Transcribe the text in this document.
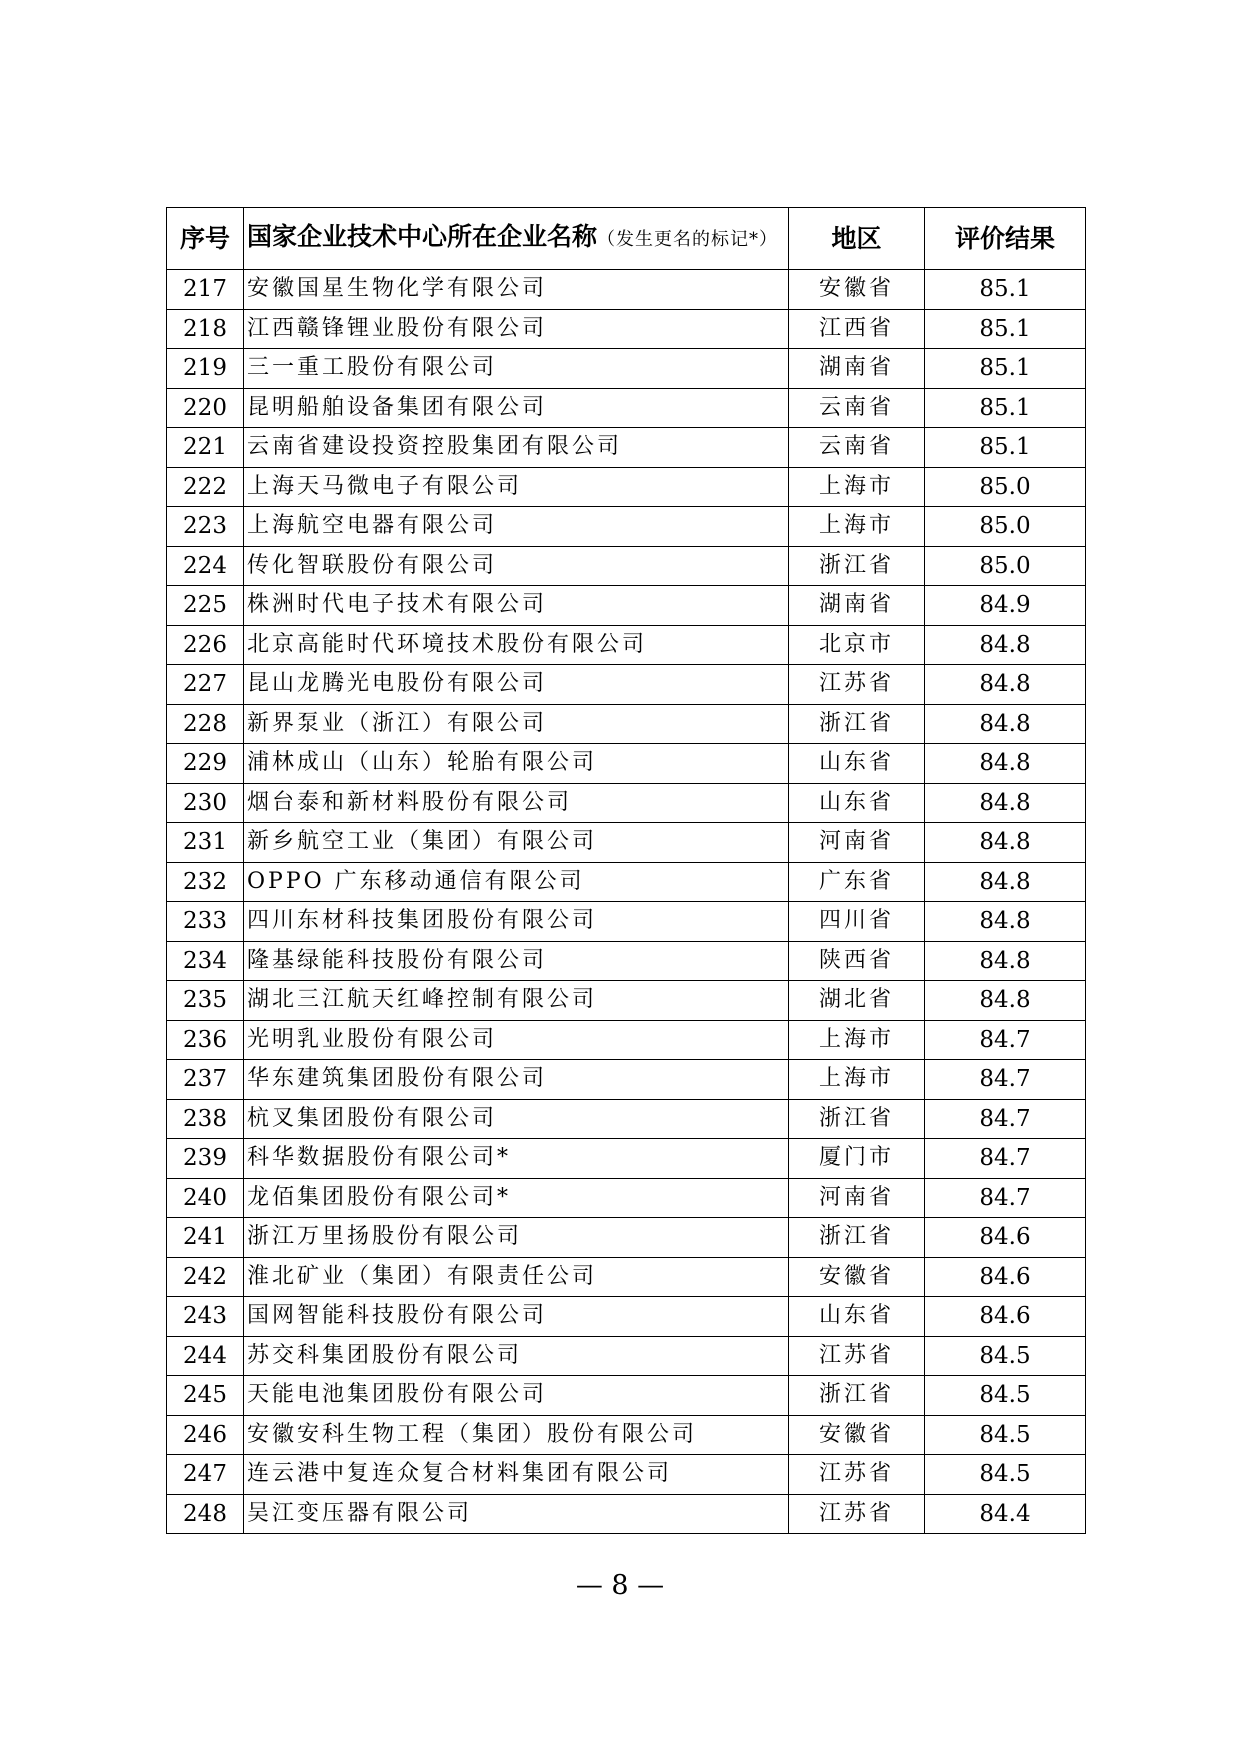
序号	国家企业技术中心所在企业名称（发生更名的标记*）	地区	评价结果
217	安徽国星生物化学有限公司	安徽省	85.1
218	江西赣锋锂业股份有限公司	江西省	85.1
219	三一重工股份有限公司	湖南省	85.1
220	昆明船舶设备集团有限公司	云南省	85.1
221	云南省建设投资控股集团有限公司	云南省	85.1
222	上海天马微电子有限公司	上海市	85.0
223	上海航空电器有限公司	上海市	85.0
224	传化智联股份有限公司	浙江省	85.0
225	株洲时代电子技术有限公司	湖南省	84.9
226	北京高能时代环境技术股份有限公司	北京市	84.8
227	昆山龙腾光电股份有限公司	江苏省	84.8
228	新界泵业（浙江）有限公司	浙江省	84.8
229	浦林成山（山东）轮胎有限公司	山东省	84.8
230	烟台泰和新材料股份有限公司	山东省	84.8
231	新乡航空工业（集团）有限公司	河南省	84.8
232	OPPO 广东移动通信有限公司	广东省	84.8
233	四川东材科技集团股份有限公司	四川省	84.8
234	隆基绿能科技股份有限公司	陕西省	84.8
235	湖北三江航天红峰控制有限公司	湖北省	84.8
236	光明乳业股份有限公司	上海市	84.7
237	华东建筑集团股份有限公司	上海市	84.7
238	杭叉集团股份有限公司	浙江省	84.7
239	科华数据股份有限公司*	厦门市	84.7
240	龙佰集团股份有限公司*	河南省	84.7
241	浙江万里扬股份有限公司	浙江省	84.6
242	淮北矿业（集团）有限责任公司	安徽省	84.6
243	国网智能科技股份有限公司	山东省	84.6
244	苏交科集团股份有限公司	江苏省	84.5
245	天能电池集团股份有限公司	浙江省	84.5
246	安徽安科生物工程（集团）股份有限公司	安徽省	84.5
247	连云港中复连众复合材料集团有限公司	江苏省	84.5
248	吴江变压器有限公司	江苏省	84.4
— 8 —
